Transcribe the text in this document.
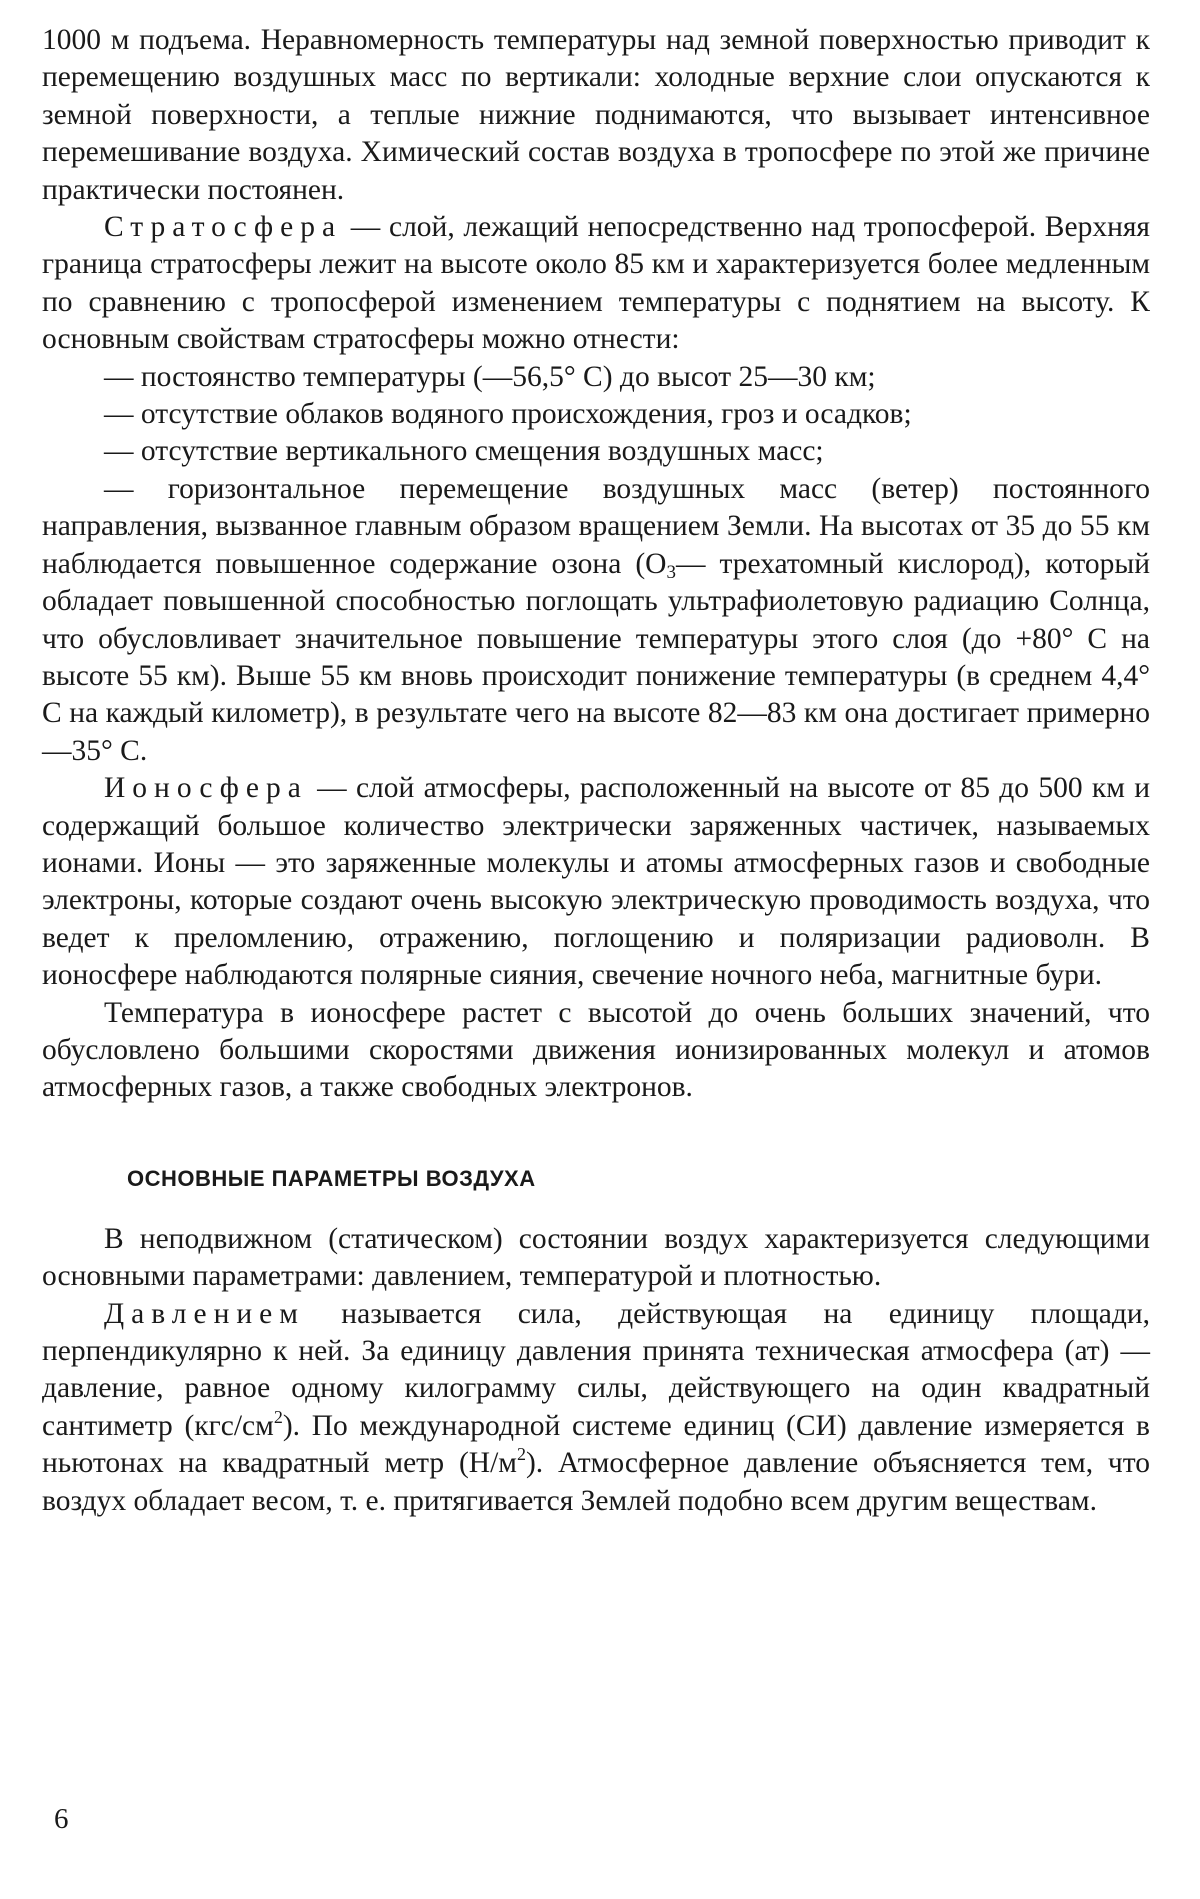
1000 м подъема. Неравномерность температуры над земной поверхностью приводит к перемещению воздушных масс по вертикали: холодные верхние слои опускаются к земной поверхности, а теплые нижние поднимаются, что вызывает интенсивное перемешивание воздуха. Химический состав воздуха в тропосфере по этой же причине практически постоянен.

Стратосфера — слой, лежащий непосредственно над тропосферой. Верхняя граница стратосферы лежит на высоте около 85 км и характеризуется более медленным по сравнению с тропосферой изменением температуры с поднятием на высоту. К основным свойствам стратосферы можно отнести:

— постоянство температуры (—56,5° С) до высот 25—30 км;

— отсутствие облаков водяного происхождения, гроз и осадков;

— отсутствие вертикального смещения воздушных масс;

— горизонтальное перемещение воздушных масс (ветер) постоянного направления, вызванное главным образом вращением Земли. На высотах от 35 до 55 км наблюдается повышенное содержание озона ($O_3—$ трехатомный кислород), который обладает повышенной способностью поглощать ультрафиолетовую радиацию Солнца, что обусловливает значительное повышение температуры этого слоя (до +80° С на высоте 55 км). Выше 55 км вновь происходит понижение температуры (в среднем 4,4° С на каждый километр), в результате чего на высоте 82—83 км она достигает примерно —35° С.

Ионосфера — слой атмосферы, расположенный на высоте от 85 до 500 км и содержащий большое количество электрически заряженных частичек, называемых ионами. Ионы — это заряженные молекулы и атомы атмосферных газов и свободные электроны, которые создают очень высокую электрическую проводимость воздуха, что ведет к преломлению, отражению, поглощению и поляризации радиоволн. В ионосфере наблюдаются полярные сияния, свечение ночного неба, магнитные бури.

Температура в ионосфере растет с высотой до очень больших значений, что обусловлено большими скоростями движения ионизированных молекул и атомов атмосферных газов, а также свободных электронов.

ОСНОВНЫЕ ПАРАМЕТРЫ ВОЗДУХА

В неподвижном (статическом) состоянии воздух характеризуется следующими основными параметрами: давлением, температурой и плотностью.

Давлением называется сила, действующая на единицу площади, перпендикулярно к ней. За единицу давления принята техническая атмосфера (ат) — давление, равное одному килограмму силы, действующего на один квадратный сантиметр $(кгс/см^2)$. По международной системе единиц (СИ) давление измеряется в ньютонах на квадратный метр $(Н/м^2)$. Атмосферное давление объясняется тем, что воздух обладает весом, т. е. притягивается Землей подобно всем другим веществам.

6
